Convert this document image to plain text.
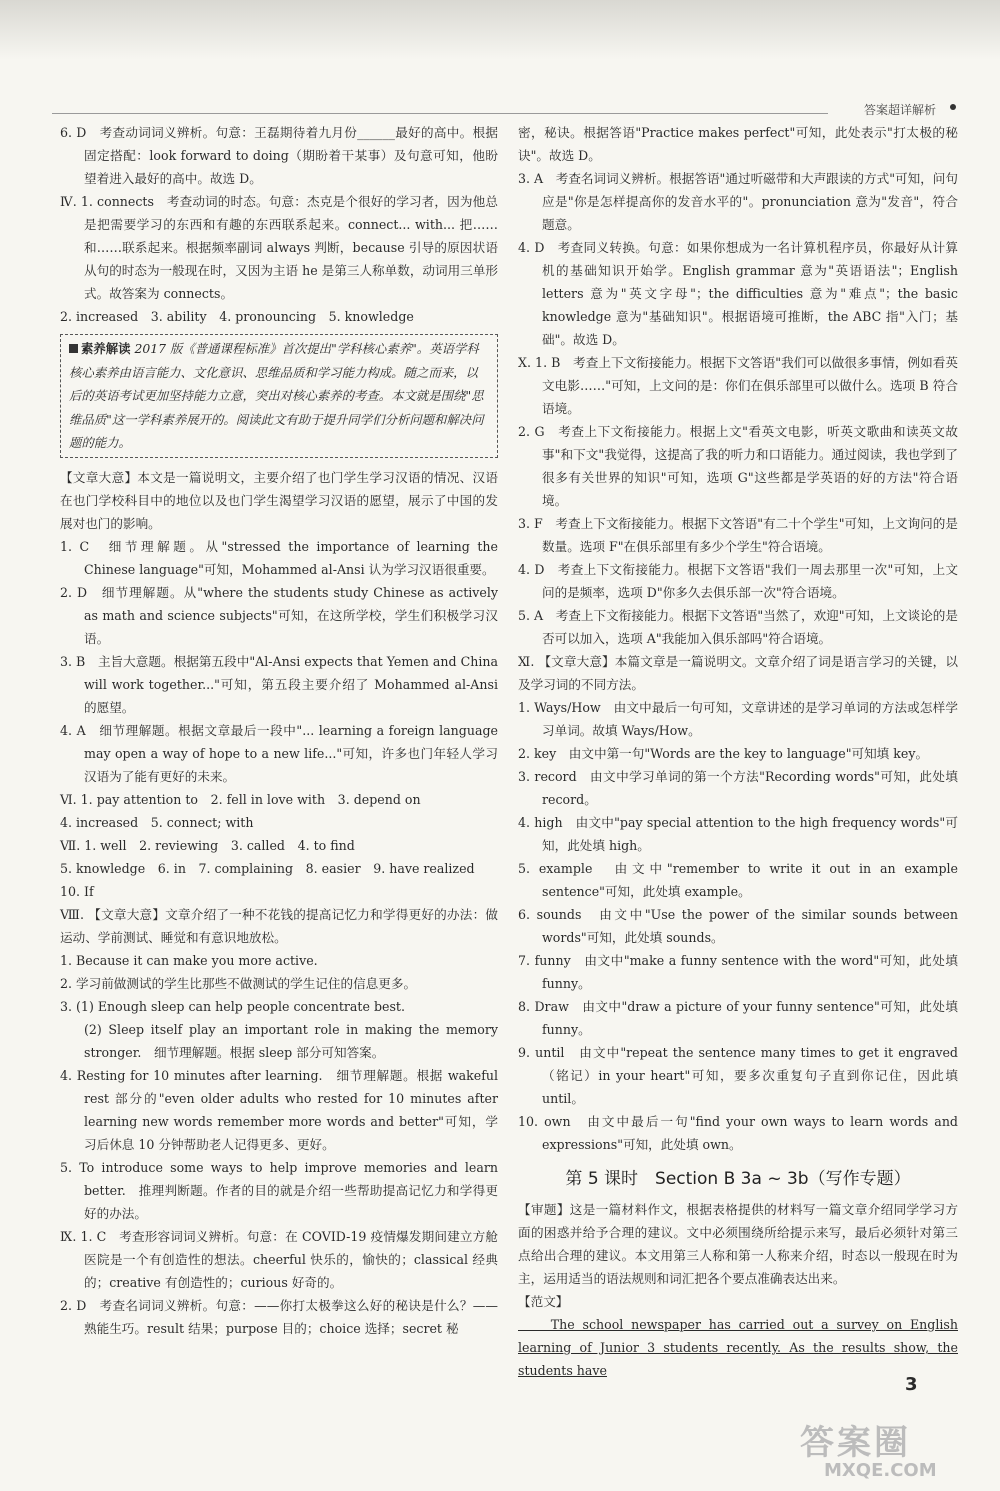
答案超详解析

6. D　考查动词词义辨析。句意：王磊期待着九月份______最好的高中。根据固定搭配：look forward to doing（期盼着干某事）及句意可知，他盼望着进入最好的高中。故选 D。

Ⅳ. 1. connects　考查动词的时态。句意：杰克是个很好的学习者，因为他总是把需要学习的东西和有趣的东西联系起来。connect... with... 把……和……联系起来。根据频率副词 always 判断，because 引导的原因状语从句的时态为一般现在时，又因为主语 he 是第三人称单数，动词用三单形式。故答案为 connects。

2. increased　3. ability　4. pronouncing　5. knowledge

素养解读 2017 版《普通课程标准》首次提出"学科核心素养"。英语学科核心素养由语言能力、文化意识、思维品质和学习能力构成。随之而来，以后的英语考试更加坚持能力立意，突出对核心素养的考查。本文就是围绕"思维品质"这一学科素养展开的。阅读此文有助于提升同学们分析问题和解决问题的能力。

【文章大意】本文是一篇说明文，主要介绍了也门学生学习汉语的情况、汉语在也门学校科目中的地位以及也门学生渴望学习汉语的愿望，展示了中国的发展对也门的影响。

1. C　细节理解题。从"stressed the importance of learning the Chinese language"可知，Mohammed al-Ansi 认为学习汉语很重要。

2. D　细节理解题。从"where the students study Chinese as actively as math and science subjects"可知，在这所学校，学生们积极学习汉语。

3. B　主旨大意题。根据第五段中"Al-Ansi expects that Yemen and China will work together..."可知，第五段主要介绍了 Mohammed al-Ansi 的愿望。

4. A　细节理解题。根据文章最后一段中"... learning a foreign language may open a way of hope to a new life..."可知，许多也门年轻人学习汉语为了能有更好的未来。

Ⅵ. 1. pay attention to　2. fell in love with　3. depend on

4. increased　5. connect; with

Ⅶ. 1. well　2. reviewing　3. called　4. to find

5. knowledge　6. in　7. complaining　8. easier　9. have realized

10. If

Ⅷ. 【文章大意】文章介绍了一种不花钱的提高记忆力和学得更好的办法：做运动、学前测试、睡觉和有意识地放松。

1. Because it can make you more active.

2. 学习前做测试的学生比那些不做测试的学生记住的信息更多。

3. (1) Enough sleep can help people concentrate best.

(2) Sleep itself play an important role in making the memory stronger.　细节理解题。根据 sleep 部分可知答案。

4. Resting for 10 minutes after learning.　细节理解题。根据 wakeful rest 部分的"even older adults who rested for 10 minutes after learning new words remember more words and better"可知，学习后休息 10 分钟帮助老人记得更多、更好。

5. To introduce some ways to help improve memories and learn better.　推理判断题。作者的目的就是介绍一些帮助提高记忆力和学得更好的办法。

Ⅸ. 1. C　考查形容词词义辨析。句意：在 COVID-19 疫情爆发期间建立方舱医院是一个有创造性的想法。cheerful 快乐的，愉快的；classical 经典的；creative 有创造性的；curious 好奇的。

2. D　考查名词词义辨析。句意：——你打太极拳这么好的秘诀是什么？——熟能生巧。result 结果；purpose 目的；choice 选择；secret 秘

密，秘诀。根据答语"Practice makes perfect"可知，此处表示"打太极的秘诀"。故选 D。

3. A　考查名词词义辨析。根据答语"通过听磁带和大声跟读的方式"可知，问句应是"你是怎样提高你的发音水平的"。pronunciation 意为"发音"，符合题意。

4. D　考查同义转换。句意：如果你想成为一名计算机程序员，你最好从计算机的基础知识开始学。English grammar 意为"英语语法"；English letters 意为"英文字母"；the difficulties 意为"难点"；the basic knowledge 意为"基础知识"。根据语境可推断，the ABC 指"入门；基础"。故选 D。

Ⅹ. 1. B　考查上下文衔接能力。根据下文答语"我们可以做很多事情，例如看英文电影……"可知，上文问的是：你们在俱乐部里可以做什么。选项 B 符合语境。

2. G　考查上下文衔接能力。根据上文"看英文电影，听英文歌曲和读英文故事"和下文"我觉得，这提高了我的听力和口语能力。通过阅读，我也学到了很多有关世界的知识"可知，选项 G"这些都是学英语的好的方法"符合语境。

3. F　考查上下文衔接能力。根据下文答语"有二十个学生"可知，上文询问的是数量。选项 F"在俱乐部里有多少个学生"符合语境。

4. D　考查上下文衔接能力。根据下文答语"我们一周去那里一次"可知，上文问的是频率，选项 D"你多久去俱乐部一次"符合语境。

5. A　考查上下文衔接能力。根据下文答语"当然了，欢迎"可知，上文谈论的是否可以加入，选项 A"我能加入俱乐部吗"符合语境。

Ⅺ. 【文章大意】本篇文章是一篇说明文。文章介绍了词是语言学习的关键，以及学习词的不同方法。

1. Ways/How　由文中最后一句可知，文章讲述的是学习单词的方法或怎样学习单词。故填 Ways/How。

2. key　由文中第一句"Words are the key to language"可知填 key。

3. record　由文中学习单词的第一个方法"Recording words"可知，此处填 record。

4. high　由文中"pay special attention to the high frequency words"可知，此处填 high。

5. example　由文中"remember to write it out in an example sentence"可知，此处填 example。

6. sounds　由文中"Use the power of the similar sounds between words"可知，此处填 sounds。

7. funny　由文中"make a funny sentence with the word"可知，此处填 funny。

8. Draw　由文中"draw a picture of your funny sentence"可知，此处填 funny。

9. until　由文中"repeat the sentence many times to get it engraved（铭记）in your heart"可知，要多次重复句子直到你记住，因此填 until。

10. own　由文中最后一句"find your own ways to learn words and expressions"可知，此处填 own。

第 5 课时　Section B 3a ~ 3b（写作专题）

【审题】这是一篇材料作文，根据表格提供的材料写一篇文章介绍同学学习方面的困惑并给予合理的建议。文中必须围绕所给提示来写，最后必须针对第三点给出合理的建议。本文用第三人称和第一人称来介绍，时态以一般现在时为主，运用适当的语法规则和词汇把各个要点准确表达出来。

【范文】

　　The school newspaper has carried out a survey on English learning of Junior 3 students recently. As the results show, the students have

3
答案圈
MXQE.COM
